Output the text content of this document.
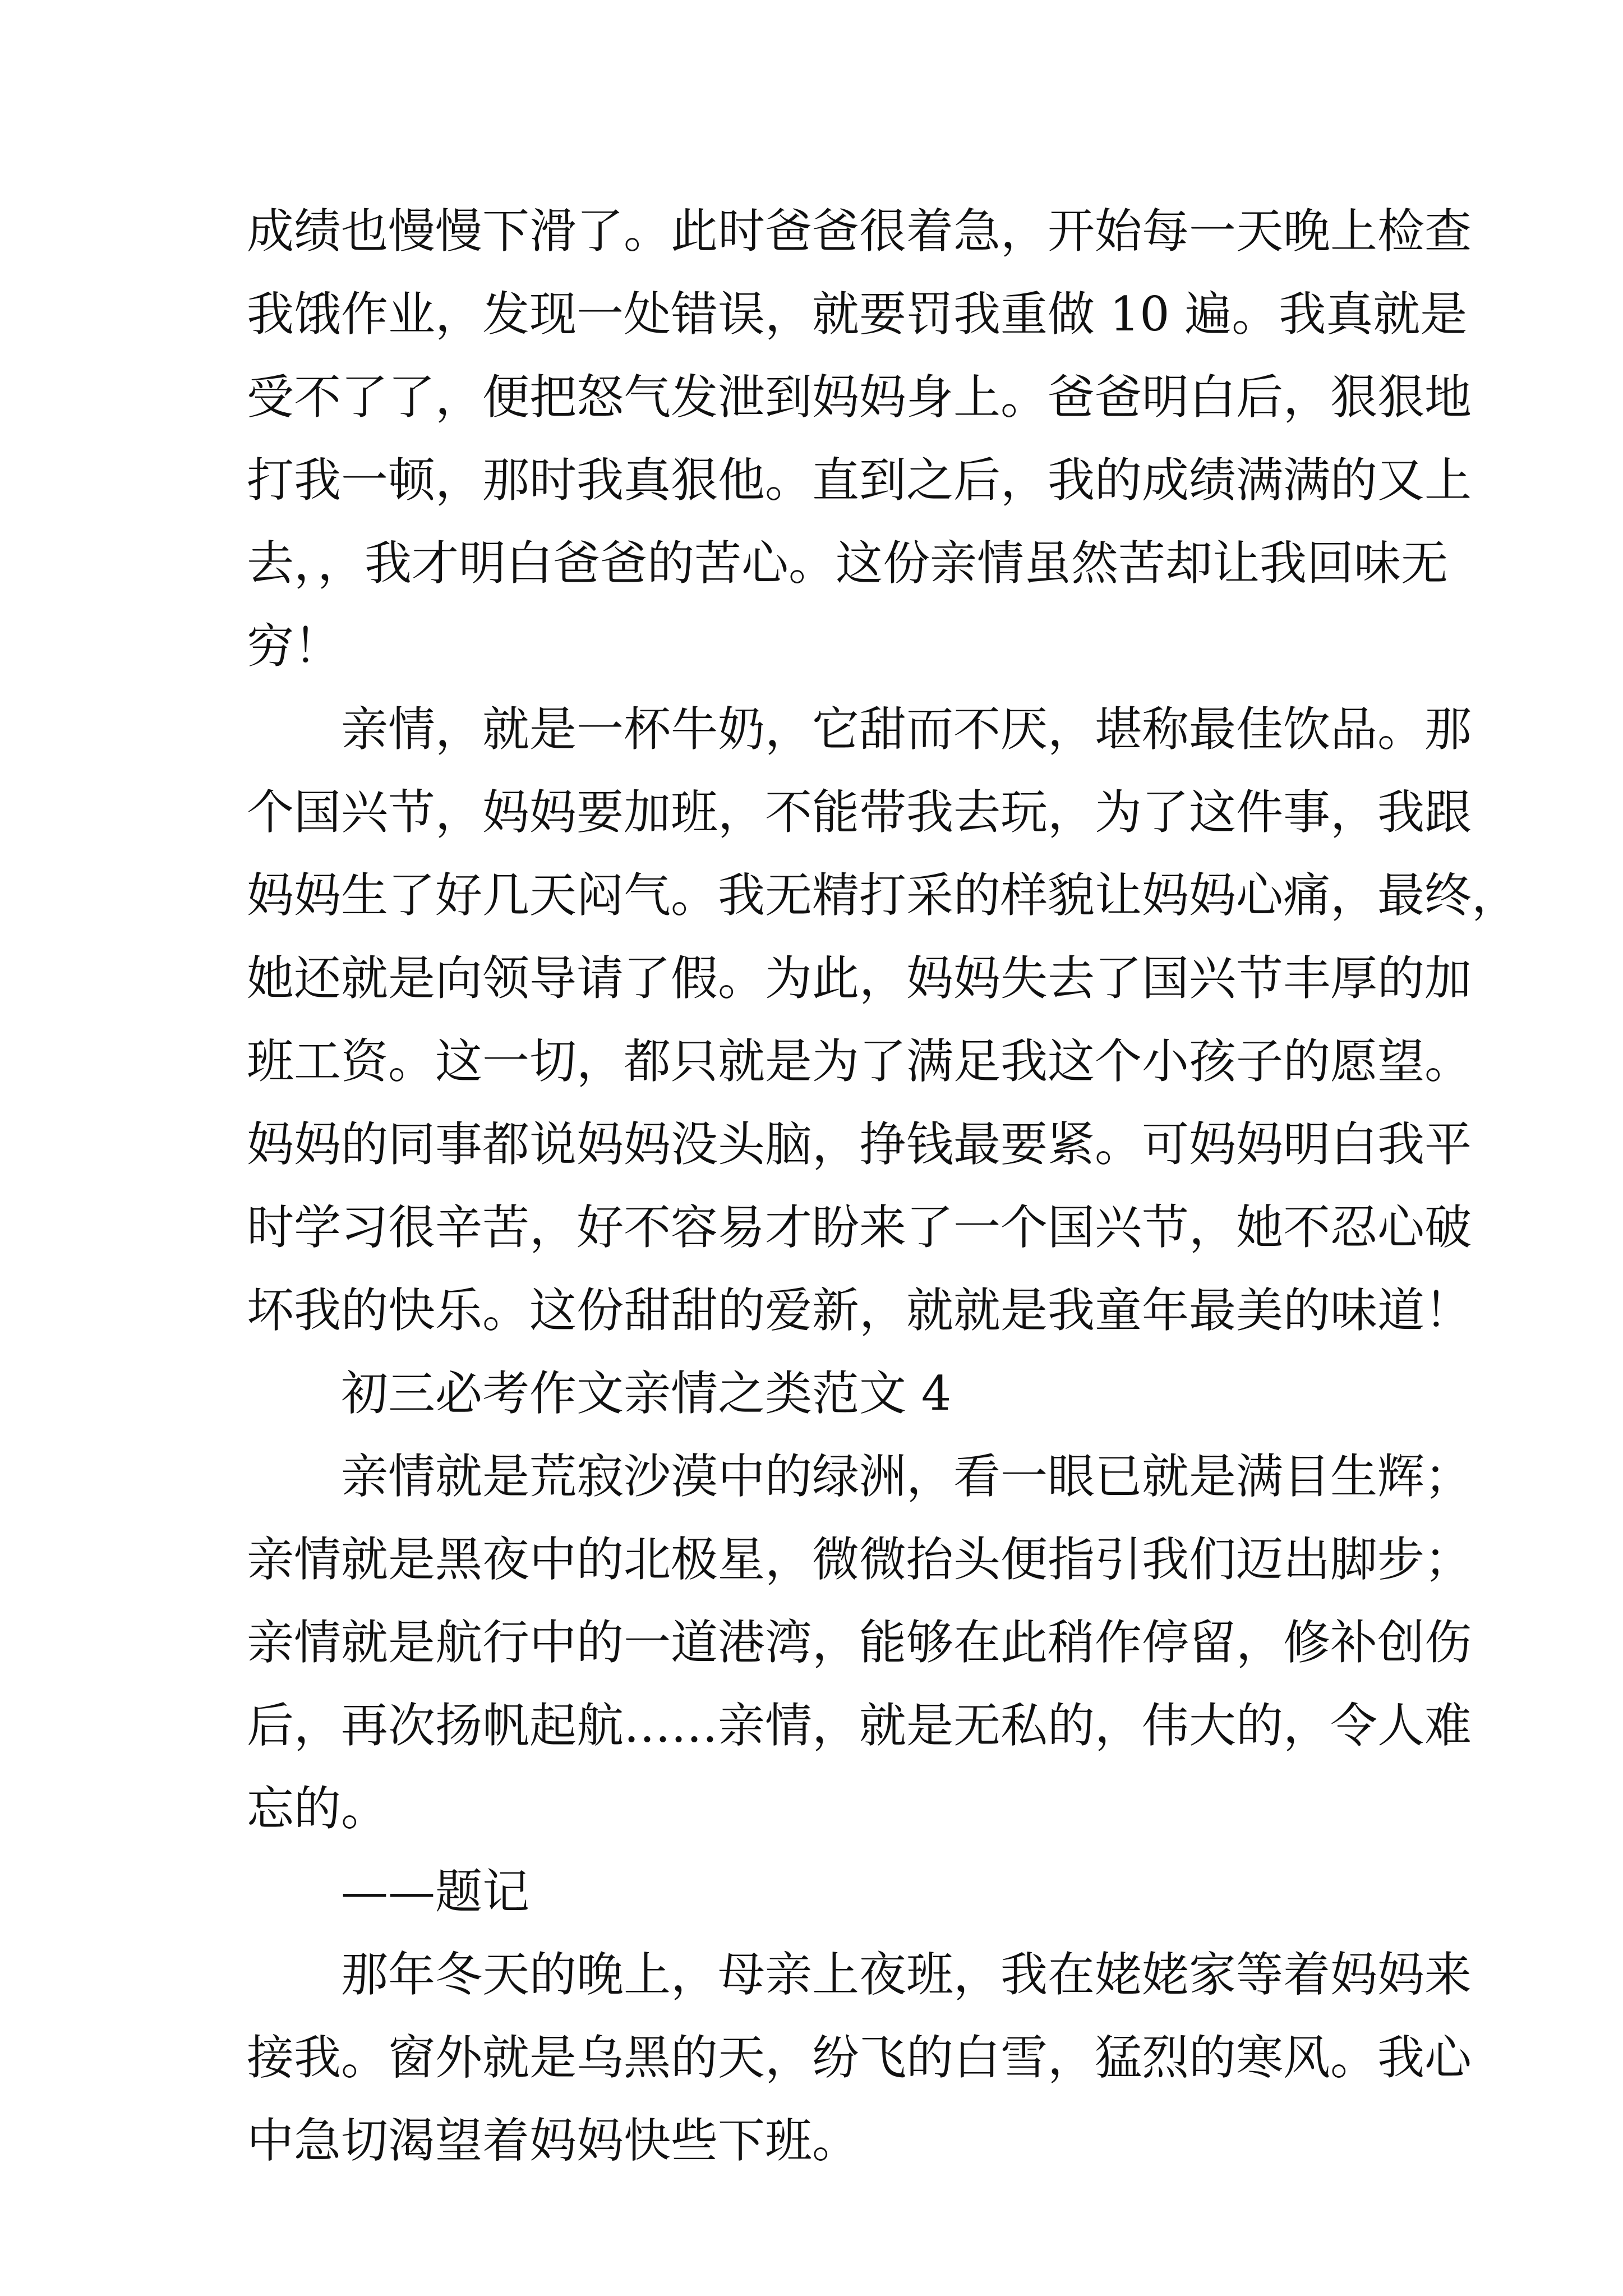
成绩也慢慢下滑了。此时爸爸很着急，开始每一天晚上检查
我饿作业，发现一处错误，就要罚我重做 10 遍。我真就是
受不了了，便把怒气发泄到妈妈身上。爸爸明白后，狠狠地
打我一顿，那时我真狠他。直到之后，我的成绩满满的又上
去，，我才明白爸爸的苦心。这份亲情虽然苦却让我回味无
穷！
亲情，就是一杯牛奶，它甜而不厌，堪称最佳饮品。那
个国兴节，妈妈要加班，不能带我去玩，为了这件事，我跟
妈妈生了好几天闷气。我无精打采的样貌让妈妈心痛，最终，
她还就是向领导请了假。为此，妈妈失去了国兴节丰厚的加
班工资。这一切，都只就是为了满足我这个小孩子的愿望。
妈妈的同事都说妈妈没头脑，挣钱最要紧。可妈妈明白我平
时学习很辛苦，好不容易才盼来了一个国兴节，她不忍心破
坏我的快乐。这份甜甜的爱新，就就是我童年最美的味道！
初三必考作文亲情之类范文 4
亲情就是荒寂沙漠中的绿洲，看一眼已就是满目生辉；
亲情就是黑夜中的北极星，微微抬头便指引我们迈出脚步；
亲情就是航行中的一道港湾，能够在此稍作停留，修补创伤
后，再次扬帆起航……亲情，就是无私的，伟大的，令人难
忘的。
——题记
那年冬天的晚上，母亲上夜班，我在姥姥家等着妈妈来
接我。窗外就是乌黑的天，纷飞的白雪，猛烈的寒风。我心
中急切渴望着妈妈快些下班。
